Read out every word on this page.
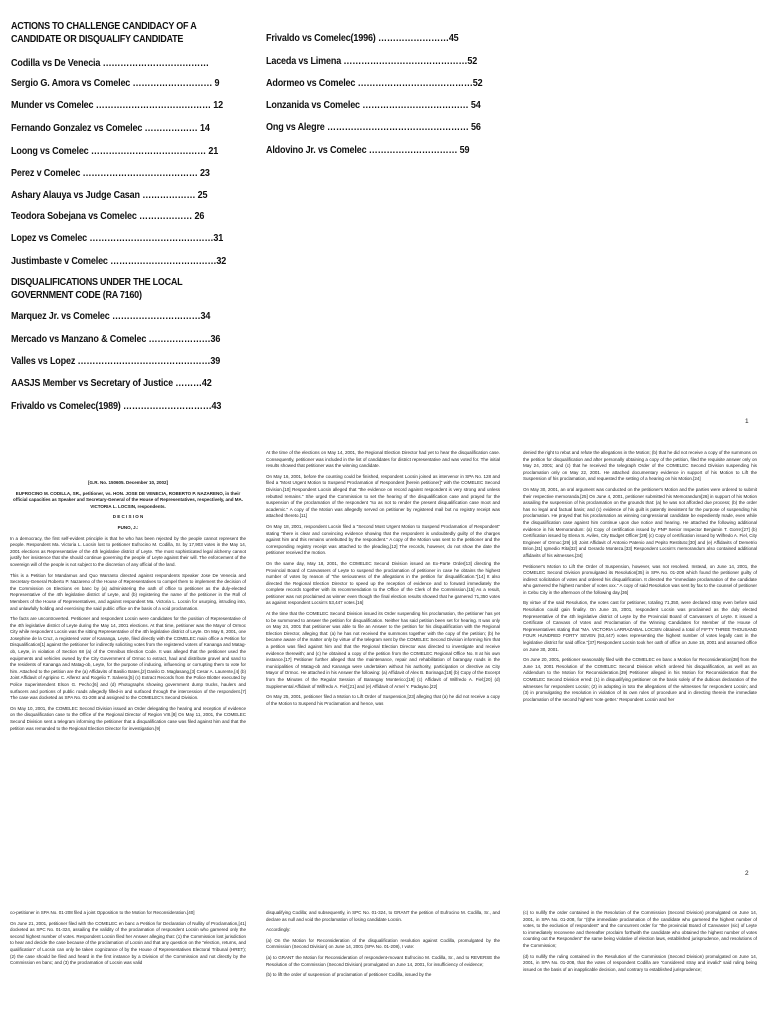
ACTIONS TO CHALLENGE CANDIDACY OF A
CANDIDATE OR DISQUALIFY CANDIDATE
Codilla vs De Venecia ………………………………
Sergio G. Amora vs Comelec ……………………… 9
Munder vs Comelec ………………………………… 12
Fernando Gonzalez vs Comelec ……………… 14
Loong vs Comelec ………………………………… 21
Perez v Comelec ………………………………… 23
Ashary Alauya vs Judge Casan ……………… 25
Teodora Sobejana vs Comelec ……………… 26
Lopez vs Comelec ……………………………………31
Justimbaste v Comelec ………………………………32
DISQUALIFICATIONS UNDER THE LOCAL
GOVERNMENT CODE (RA 7160)
Marquez Jr. vs Comelec …………………………34
Mercado vs Manzano & Comelec …………………36
Valles vs Lopez ………………………………………39
AASJS Member vs Secretary of Justice ………42
Frivaldo vs Comelec(1989) …………………………43
Frivaldo vs Comelec(1996) ……………………45
Laceda vs Limena ……………………………………52
Adormeo vs Comelec …………………………………52
Lonzanida vs Comelec ……………………………… 54
Ong vs Alegre ………………………………………… 56
Aldovino Jr. vs Comelec ………………………… 59
1
[G.R. No. 150605. December 10, 2002]
EUFROCINO M. CODILLA, SR., petitioner, vs. HON. JOSE DE VENECIA, ROBERTO P. NAZARENO, in their official capacities as Speaker and Secretary-General of the House of Representatives, respectively, and MA. VICTORIA L. LOCSIN, respondents.
D E C I S I O N
PUNO, J.:

In a democracy, the first self-evident principle is that he who has been rejected by the people cannot represent the people. Respondent Ma. Victoria L. Locsin lost to petitioner Eufrocino M. Codilla, Sr. by 17,903 votes in the May 14, 2001 elections as Representative of the 4th legislative district of Leyte. The most sophisticated legal alchemy cannot justify her insistence that she should continue governing the people of Leyte against their will. The enforcement of the sovereign will of the people is not subject to the discretion of any official of the land.

This is a Petition for Mandamus and Quo Warranto directed against respondents Speaker Jose De Venecia and Secretary-General Roberto P. Nazareno of the House of Representatives to compel them to implement the decision of the Commission on Elections en banc by (a) administering the oath of office to petitioner as the duly-elected Representative of the 4th legislative district of Leyte, and (b) registering the name of the petitioner in the Roll of Members of the House of Representatives, and against respondent Ma. Victoria L. Locsin for usurping, intruding into, and unlawfully holding and exercising the said public office on the basis of a void proclamation.

The facts are uncontroverted. Petitioner and respondent Locsin were candidates for the position of Representative of the 4th legislative district of Leyte during the May 14, 2001 elections. At that time, petitioner was the Mayor of Ormoc City while respondent Locsin was the sitting Representative of the 4th legislative district of Leyte. On May 8, 2001, one Josephine de la Cruz, a registered voter of Kananga, Leyte, filed directly with the COMELEC main office a Petition for Disqualification[1] against the petitioner for indirectly soliciting votes from the registered voters of Kananga and Matag-ob, Leyte, in violation of Section 68 (a) of the Omnibus Election Code. It was alleged that the petitioner used the equipments and vehicles owned by the City Government of Ormoc to extract, haul and distribute gravel and sand to the residents of Kananga and Matag-ob, Leyte, for the purpose of inducing, influencing or corrupting them to vote for him. Attached to the petition are the (a) Affidavits of Basilio Bates,[2] Danilo D. Maglasang,[3] Cesar A. Laurente,[4] (b) Joint Affidavit of Agripino C. Alferez and Rogelio T. Salvera;[5] (c) Extract Records from the Police Blotter executed by Police Superintendent Elson G. Pecho;[6] and (d) Photographs showing government dump trucks, haulers and surfacers and portions of public roads allegedly filled-in and surfaced through the intercession of the respondent.[7] The case was docketed as SPA No. 01-208 and assigned to the COMELEC's Second Division.

On May 10, 2001, the COMELEC Second Division issued an Order delegating the hearing and reception of evidence on the disqualification case to the Office of the Regional Director of Region VIII.[8] On May 11, 2001, the COMELEC Second Division sent a telegram informing the petitioner that a disqualification case was filed against him and that the petition was remanded to the Regional Election Director for investigation.[9]

At the time of the elections on May 14, 2001, the Regional Election Director had yet to hear the disqualification case. Consequently, petitioner was included in the list of candidates for district representative and was voted for. The initial results showed that petitioner was the winning candidate.

On May 16, 2001, before the counting could be finished, respondent Locsin joined as intervenor in SPA No. 128 and filed a "Most Urgent Motion to Suspend Proclamation of Respondent [herein petitioner]" with the COMELEC Second Division.[10] Respondent Locsin alleged that "the evidence on record against respondent is very strong and unless rebutted remains." She urged the Commission to set the hearing of the disqualification case and prayed for the suspension of the proclamation of the respondent "so as not to render the present disqualification case moot and academic." A copy of the Motion was allegedly served on petitioner by registered mail but no registry receipt was attached thereto.[11]

On May 18, 2001, respondent Locsin filed a "Second Most Urgent Motion to Suspend Proclamation of Respondent" stating "there is clear and convincing evidence showing that the respondent is undoubtedly guilty of the charges against him and this remains unrebutted by the respondent." A copy of the Motion was sent to the petitioner and the corresponding registry receipt was attached to the pleading.[12] The records, however, do not show the date the petitioner received the motion.

On the same day, May 18, 2001, the COMELEC Second Division issued an Ex-Parte Order[13] directing the Provincial Board of Canvassers of Leyte to suspend the proclamation of petitioner in case he obtains the highest number of votes by reason of "the seriousness of the allegations in the petition for disqualification."[14] It also directed the Regional Election Director to speed up the reception of evidence and to forward immediately the complete records together with its recommendation to the Office of the Clerk of the Commission.[15] As a result, petitioner was not proclaimed as winner even though the final election results showed that he garnered 71,350 votes as against respondent Locsin's 53,447 votes.[16]

At the time that the COMELEC Second Division issued its Order suspending his proclamation, the petitioner has yet to be summoned to answer the petition for disqualification. Neither has said petition been set for hearing. It was only on May 24, 2001 that petitioner was able to file an Answer to the petition for his disqualification with the Regional Election Director, alleging that: (a) he has not received the summons together with the copy of the petition; (b) he became aware of the matter only by virtue of the telegram sent by the COMELEC Second Division informing him that a petition was filed against him and that the Regional Election Director was directed to investigate and receive evidence therewith; and (c) he obtained a copy of the petition from the COMELEC Regional Office No. 8 at his own instance.[17] Petitioner further alleged that the maintenance, repair and rehabilitation of barangay roads in the municipalities of Matag-ob and Kananga were undertaken without his authority, participation or directive as City Mayor of Ormoc. He attached in his Answer the following: (a) Affidavit of Alex B. Borinaga;[18] (b) Copy of the Excerpt from the Minutes of the Regular Session of Barangay Monterico;[19] (c) Affidavit of Wilfredo A. Fiel;[20] (d) Supplemental Affidavit of Wilfredo A. Fiel;[21] and (e) Affidavit of Arnel Y. Padayao.[22]

On May 25, 2001, petitioner filed a Motion to Lift Order of Suspension,[23] alleging that (a) he did not receive a copy of the Motion to Suspend his Proclamation and hence, was

denied the right to rebut and refute the allegations in the Motion; (b) that he did not receive a copy of the summons on the petition for disqualification and after personally obtaining a copy of the petition, filed the requisite answer only on May 24, 2001; and (c) that he received the telegraph Order of the COMELEC Second Division suspending his proclamation only on May 22, 2001. He attached documentary evidence in support of his Motion to Lift the Suspension of his proclamation, and requested the setting of a hearing on his Motion.[24]

On May 30, 2001, an oral argument was conducted on the petitioner's Motion and the parties were ordered to submit their respective memoranda.[25] On June 4, 2001, petitioner submitted his Memorandum[26] in support of his Motion assailing the suspension of his proclamation on the grounds that: (a) he was not afforded due process; (b) the order has no legal and factual basis; and (c) evidence of his guilt is patently inexistent for the purpose of suspending his proclamation. He prayed that his proclamation as winning congressional candidate be expediently made, even while the disqualification case against him continue upon due notice and hearing. He attached the following additional evidence in his Memorandum: (a) Copy of certification issued by PNP Senior Inspector Benjamin T. Gorre;[27] (b) Certification issued by Elena S. Aviles, City Budget Officer;[28] (c) Copy of certification issued by Wilfredo A. Fiel, City Engineer of Ormoc;[29] (d) Joint Affidavit of Antonio Patenio and Pepito Restituto;[30] and (e) Affidavits of Demetrio Brion,[31] Igmedio Rita[32] and Gerardo Monteza.[33] Respondent Locsin's memorandum also contained additional affidavits of his witnesses.[34]

Petitioner's Motion to Lift the Order of Suspension, however, was not resolved. Instead, on June 14, 2001, the COMELEC Second Division promulgated its Resolution[35] in SPA No. 01-208 which found the petitioner guilty of indirect solicitation of votes and ordered his disqualification. It directed the "immediate proclamation of the candidate who garnered the highest number of votes xxx." A copy of said Resolution was sent by fax to the counsel of petitioner in Cebu City in the afternoon of the following day.[36]

By virtue of the said Resolution, the votes cast for petitioner, totaling 71,350, were declared stray even before said Resolution could gain finality. On June 15, 2001, respondent Locsin was proclaimed as the duly elected Representative of the 4th legislative district of Leyte by the Provincial Board of Canvassers of Leyte. It issued a Certificate of Canvass of Votes and Proclamation of the Winning Candidates for Member of the House of Representatives stating that "MA. VICTORIA LARRAZABAL LOCSIN obtained a total of FIFTY THREE THOUSAND FOUR HUNDRED FORTY SEVEN (53,447) votes representing the highest number of votes legally cast in the legislative district for said office."[37] Respondent Locsin took her oath of office on June 18, 2001 and assumed office on June 30, 2001.

On June 20, 2001, petitioner seasonably filed with the COMELEC en banc a Motion for Reconsideration[38] from the June 14, 2001 Resolution of the COMELEC Second Division which ordered his disqualification, as well as an Addendum to the Motion for Reconsideration.[39] Petitioner alleged in his Motion for Reconsideration that the COMELEC Second Division erred: (1) in disqualifying petitioner on the basis solely of the dubious declaration of the witnesses for respondent Locsin; (2) in adopting in toto the allegations of the witnesses for respondent Locsin; and (3) in promulgating the resolution in violation of its own rules of procedure and in directing therein the immediate proclamation of the second highest 'vote getter.' Respondent Locsin and her

2

co-petitioner in SPA No. 01-208 filed a joint Opposition to the Motion for Reconsideration.[40]

On June 21, 2001, petitioner filed with the COMELEC en banc a Petition for Declaration of Nullity of Proclamation,[41] docketed as SPC No. 01-324, assailing the validity of the proclamation of respondent Locsin who garnered only the second highest number of votes. Respondent Locsin filed her Answer alleging that: (1) the Commission lost jurisdiction to hear and decide the case because of the proclamation of Locsin and that any question on the "election, returns, and qualification" of Locsin can only be taken cognizance of by the House of Representatives Electoral Tribunal (HRET); (2) the case should be filed and heard in the first instance by a Division of the Commission and not directly by the Commission en banc; and (3) the proclamation of Locsin was valid

disqualifying Codilla; and subsequently, in SPC No. 01-324, to GRANT the petition of Eufrocino M. Codilla, Sr., and declare as null and void the proclamation of losing candidate Locsin.

Accordingly:

(a) On the Motion for Reconsideration of the disqualification resolution against Codilla, promulgated by the Commission (Second Division) on June 14, 2001 (SPA No. 01-208), I vote:

(a) to GRANT the Motion for Reconsideration of respondent-movant Eufrocino M. Codilla, Sr., and to REVERSE the Resolution of the Commission (Second Division) promulgated on June 14, 2001, for insufficiency of evidence;

(b) to lift the order of suspension of proclamation of petitioner Codilla, issued by the

(c) to nullify the order contained in the Resolution of the Commission (Second Division) promulgated on June 14, 2001, in SPA No. 01-208, for "(t)he immediate proclamation of the candidate who garnered the highest number of votes, to the exclusion of respondent" and the concurrent order for "the provincial Board of Canvasser (sic) of Leyte to immediately reconvene and thereafter proclaim forthwith the candidate who obtained the highest number of votes counting out the Respondent" the same being violative of election laws, established jurisprudence, and resolutions of the Commission;

(d) to nullify the ruling contained in the Resolution of the Commission (Second Division) promulgated on June 14, 2001, in SPA No. 01-208, that the votes of respondent Codilla are "considered stray and invalid" said ruling being issued on the basis of an inapplicable decision, and contrary to established jurisprudence;
